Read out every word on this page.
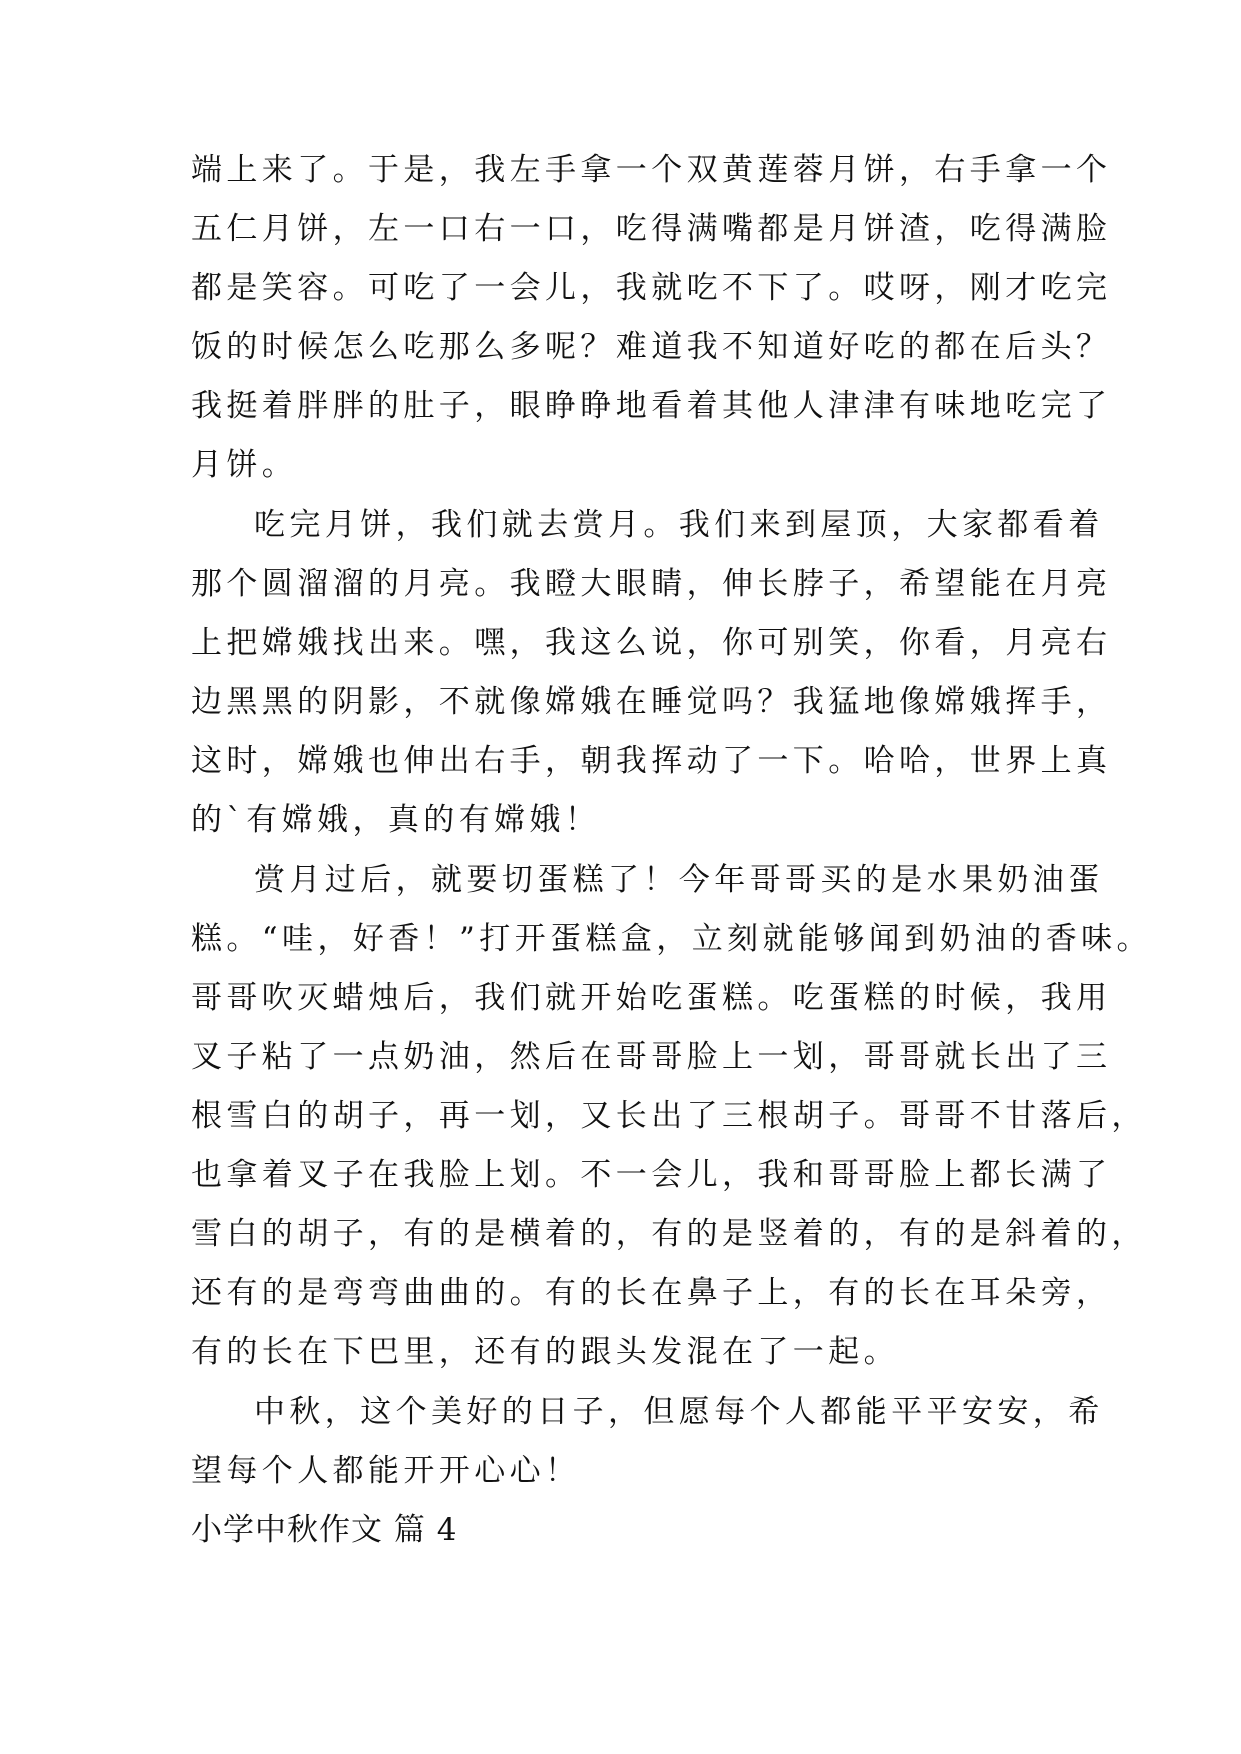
端上来了。于是，我左手拿一个双黄莲蓉月饼，右手拿一个
五仁月饼，左一口右一口，吃得满嘴都是月饼渣，吃得满脸
都是笑容。可吃了一会儿，我就吃不下了。哎呀，刚才吃完
饭的时候怎么吃那么多呢？难道我不知道好吃的都在后头？
我挺着胖胖的肚子，眼睁睁地看着其他人津津有味地吃完了
月饼。
吃完月饼，我们就去赏月。我们来到屋顶，大家都看着
那个圆溜溜的月亮。我瞪大眼睛，伸长脖子，希望能在月亮
上把嫦娥找出来。嘿，我这么说，你可别笑，你看，月亮右
边黑黑的阴影，不就像嫦娥在睡觉吗？我猛地像嫦娥挥手，
这时，嫦娥也伸出右手，朝我挥动了一下。哈哈，世界上真
的`有嫦娥，真的有嫦娥！
赏月过后，就要切蛋糕了！今年哥哥买的是水果奶油蛋
糕。“哇，好香！”打开蛋糕盒，立刻就能够闻到奶油的香味。
哥哥吹灭蜡烛后，我们就开始吃蛋糕。吃蛋糕的时候，我用
叉子粘了一点奶油，然后在哥哥脸上一划，哥哥就长出了三
根雪白的胡子，再一划，又长出了三根胡子。哥哥不甘落后，
也拿着叉子在我脸上划。不一会儿，我和哥哥脸上都长满了
雪白的胡子，有的是横着的，有的是竖着的，有的是斜着的，
还有的是弯弯曲曲的。有的长在鼻子上，有的长在耳朵旁，
有的长在下巴里，还有的跟头发混在了一起。
中秋，这个美好的日子，但愿每个人都能平平安安，希
望每个人都能开开心心！
小学中秋作文 篇 4
